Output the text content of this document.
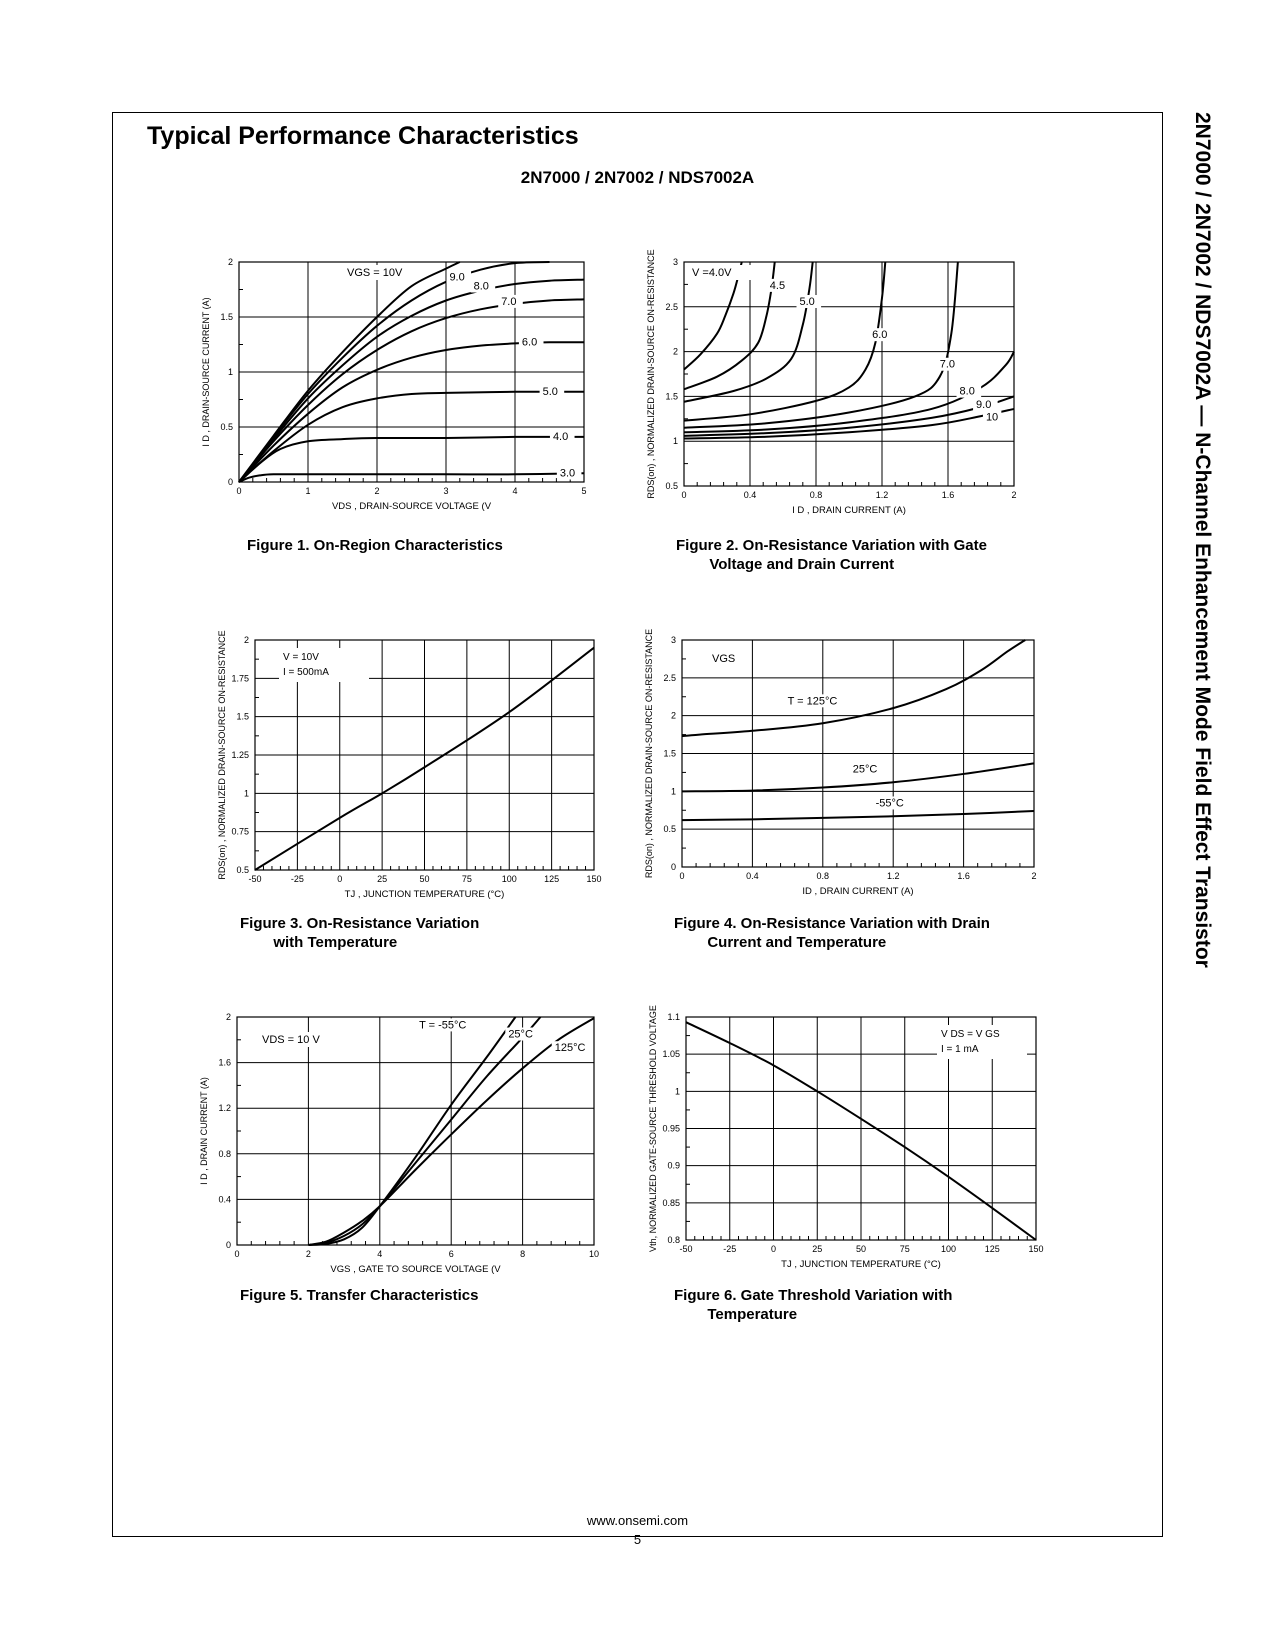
Typical Performance Characteristics
2N7000 / 2N7002 / NDS7002A	2N7000 / 2N7002 / NDS7002A — N-Channel Enhancement Mode Field Effect Transistor
0	1	2	3	4	5
0
0.5
1
1.5
2
VDS , DRAIN-SOURCE VOLTAGE (V
I D , DRAIN-SOURCE CURRENT (A)
9.0
8.0
7.0
6.0
5.0
4.0
3.0
VGS = 10V
0	0.4	0.8	1.2	1.6	2
0.5
1
1.5
2
2.5
3
I D , DRAIN CURRENT (A)
RDS(on) , NORMALIZED DRAIN-SOURCE ON-RESISTANCE	4.5
5.0
6.0
7.0
8.0
9.0
10
V =4.0V
-50	-25	0	25	50	75	100	125	150
0.5
0.75
1
1.25
1.5
1.75
2
TJ , JUNCTION TEMPERATURE (°C)
RDS(on) , NORMALIZED DRAIN-SOURCE ON-RESISTANCE	V = 10V
I = 500mA
0	0.4	0.8	1.2	1.6	2
0
0.5
1
1.5
2
2.5
3
ID , DRAIN CURRENT (A)
RDS(on) , NORMALIZED DRAIN-SOURCE ON-RESISTANCE	T = 125°C
25°C
-55°C
VGS
0	2	4	6	8	10
0
0.4
0.8
1.2
1.6
2
VGS , GATE TO SOURCE VOLTAGE (V
I D , DRAIN CURRENT (A)
T = -55°C
25°C
125°C
VDS = 10 V
-50	-25	0	25	50	75	100	125	150
0.8
0.85
0.9
0.95
1
1.05
1.1
TJ , JUNCTION TEMPERATURE (°C)
Vth, NORMALIZED GATE-SOURCE THRESHOLD VOLTAGE	V DS = V GS
I = 1 mA
Figure 1. On-Region Characteristics	Figure 2. On-Resistance Variation with Gate
Voltage and Drain Current
Figure 3. On-Resistance Variation
with Temperature
Figure 4. On-Resistance Variation with Drain
Current and Temperature
Figure 5. Transfer Characteristics	Figure 6. Gate Threshold Variation with
Temperature
www.onsemi.com
5
